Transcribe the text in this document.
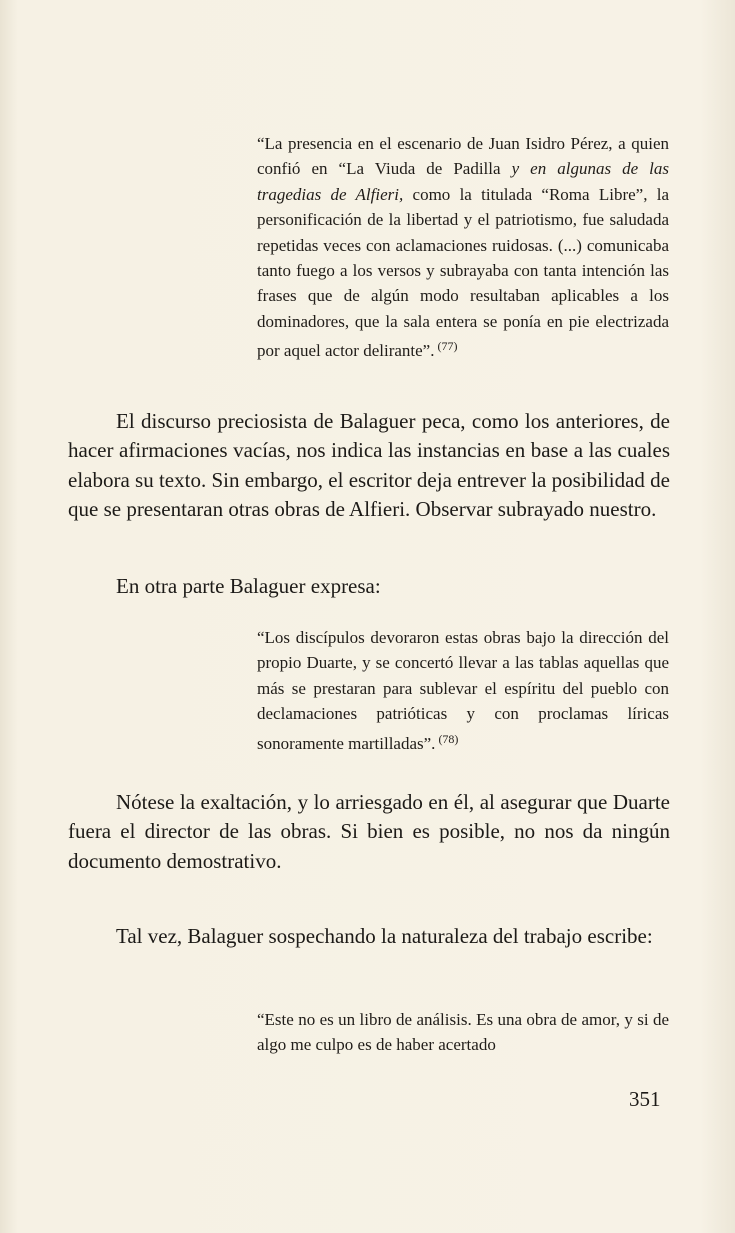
“La presencia en el escenario de Juan Isidro Pérez, a quien confió en “La Viuda de Padilla y en algunas de las tragedias de Alfieri, como la titulada “Roma Libre”, la personificación de la libertad y el patriotismo, fue saludada repetidas veces con aclamaciones ruidosas. (...) comunicaba tanto fuego a los versos y subrayaba con tanta intención las frases que de algún modo resultaban aplicables a los dominadores, que la sala entera se ponía en pie electrizada por aquel actor delirante”. $^{(77)}$

El discurso preciosista de Balaguer peca, como los anteriores, de hacer afirmaciones vacías, nos indica las instancias en base a las cuales elabora su texto. Sin embargo, el escritor deja entrever la posibilidad de que se presentaran otras obras de Alfieri. Observar subrayado nuestro.

En otra parte Balaguer expresa:

“Los discípulos devoraron estas obras bajo la dirección del propio Duarte, y se concertó llevar a las tablas aquellas que más se prestaran para sublevar el espíritu del pueblo con declamaciones patrióticas y con proclamas líricas sonoramente martilladas”. $^{(78)}$

Nótese la exaltación, y lo arriesgado en él, al asegurar que Duarte fuera el director de las obras. Si bien es posible, no nos da ningún documento demostrativo.

Tal vez, Balaguer sospechando la naturaleza del trabajo escribe:

“Este no es un libro de análisis. Es una obra de amor, y si de algo me culpo es de haber acertado
351
